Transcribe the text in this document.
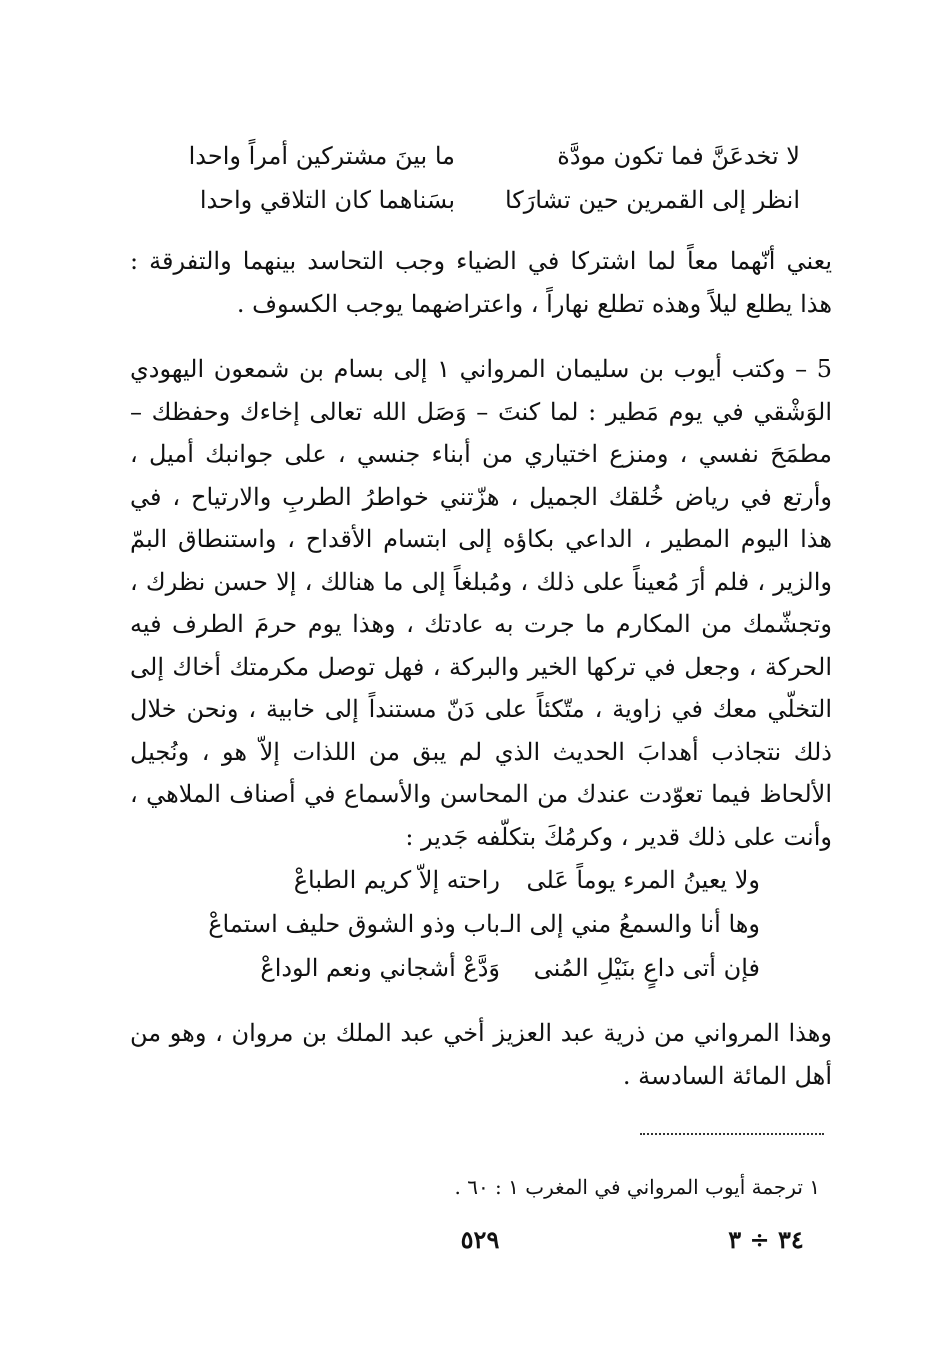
لا تخدعَنَّ فما تكون مودَّة
ما بينَ مشتركين أمراً واحدا
انظر إلى القمرين حين تشارَكا
بسَناهما كان التلاقي واحدا

يعني أنّهما معاً لما اشتركا في الضياء وجب التحاسد بينهما والتفرقة : هذا يطلع ليلاً وهذه تطلع نهاراً ، واعتراضهما يوجب الكسوف .

5 – وكتب أيوب بن سليمان المرواني ١ إلى بسام بن شمعون اليهودي الوَشْقي في يوم مَطير : لما كنتَ – وَصَل الله تعالى إخاءك وحفظك – مطمَحَ نفسي ، ومنزع اختياري من أبناء جنسي ، على جوانبك أميل ، وأرتع في رياض خُلقك الجميل ، هزّتني خواطرُ الطربِ والارتياح ، في هذا اليوم المطير ، الداعي بكاؤه إلى ابتسام الأقداح ، واستنطاق البمّ والزير ، فلم أرَ مُعيناً على ذلك ، ومُبلغاً إلى ما هنالك ، إلا حسن نظرك ، وتجشّمك من المكارم ما جرت به عادتك ، وهذا يوم حرمَ الطرف فيه الحركة ، وجعل في تركها الخير والبركة ، فهل توصل مكرمتك أخاك إلى التخلّي معك في زاوية ، متّكئاً على دَنّ مستنداً إلى خابية ، ونحن خلال ذلك نتجاذب أهدابَ الحديث الذي لم يبق من اللذات إلاّ هو ، ونُجيل الألحاظ فيما تعوّدت عندك من المحاسن والأسماع في أصناف الملاهي ، وأنت على ذلك قدير ، وكرمُكَ بتكلّفه جَدير :

ولا يعينُ المرء يوماً عَلى
راحته إلاّ كريم الطباعْ
وها أنا والسمعُ مني إلى الـ
باب وذو الشوق حليف استماعْ
فإن أتى داعٍ بنَيْلِ المُنى
وَدَّعْ أشجاني ونعم الوداعْ

وهذا المرواني من ذرية عبد العزيز أخي عبد الملك بن مروان ، وهو من أهل المائة السادسة .

١ ترجمة أيوب المرواني في المغرب ١ : ٦٠ .
٥٢٩	٣٤ ÷ ٣
